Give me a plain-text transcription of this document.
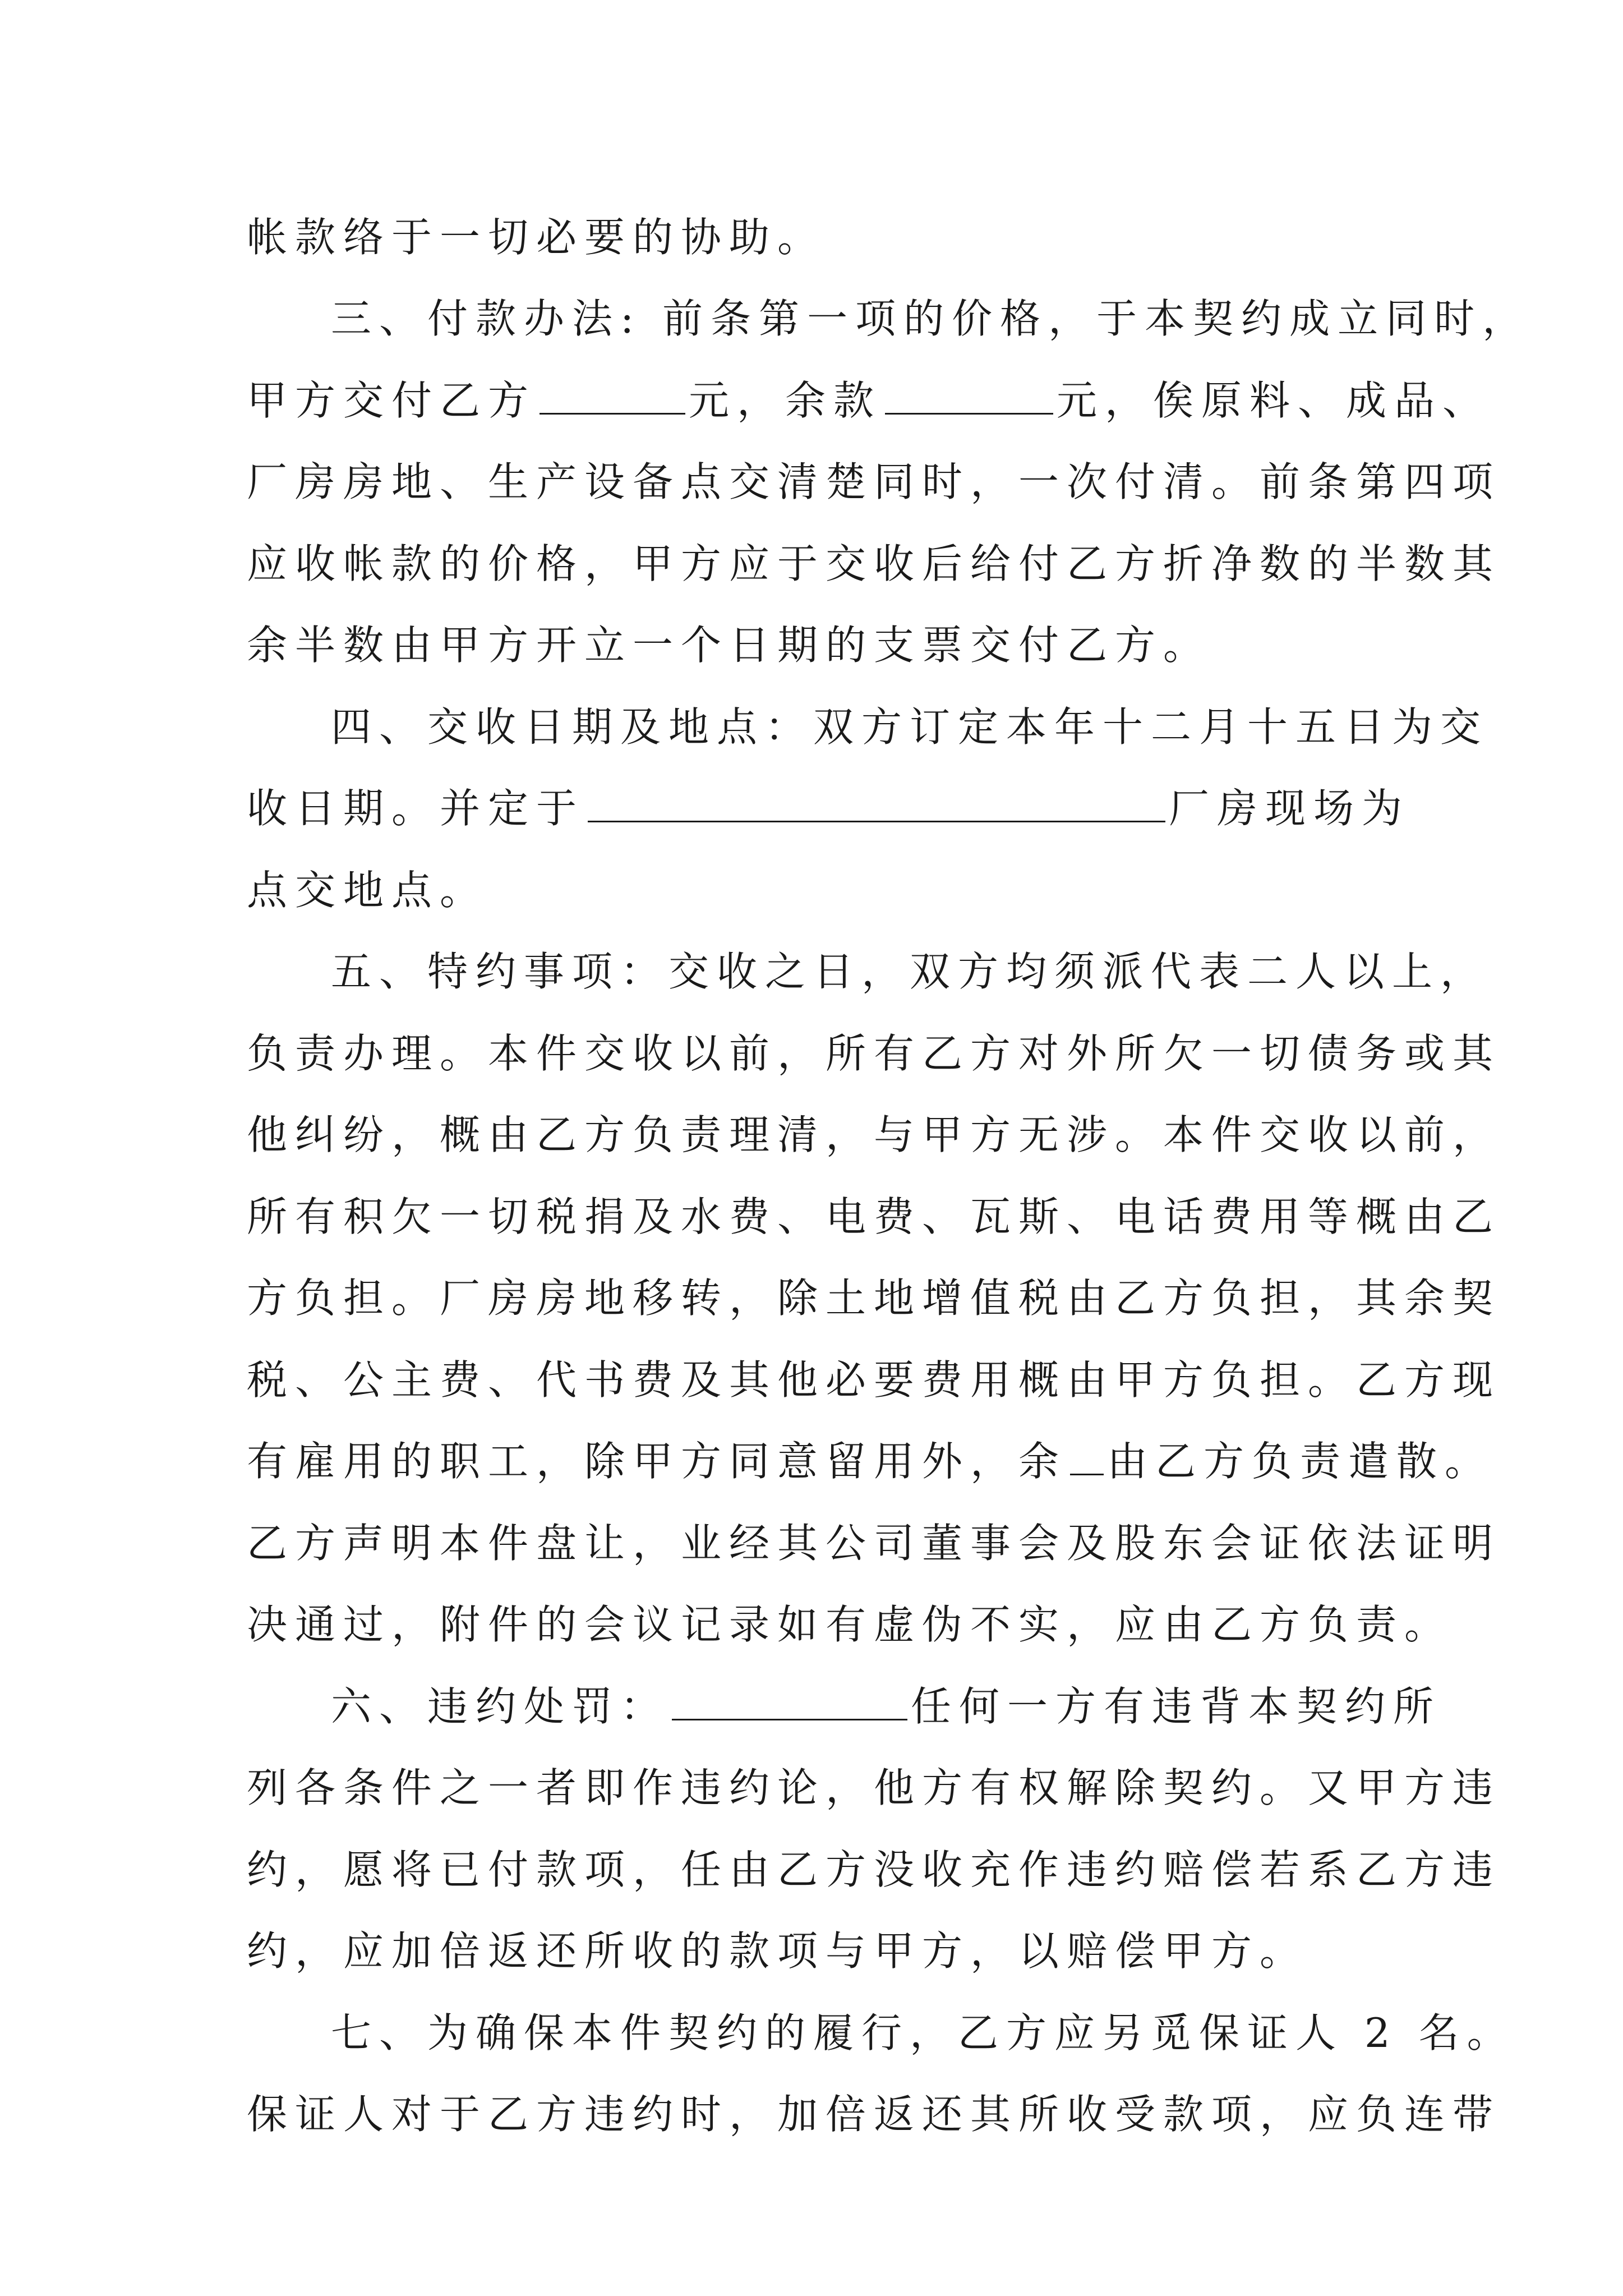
帐款络于一切必要的协助。
三、付款办法: 前条第一项的价格，于本契约成立同时，
甲方交付乙方	元，余款	元，俟原料、成品、
厂房房地、生产设备点交清楚同时，一次付清。前条第四项
应收帐款的价格，甲方应于交收后给付乙方折净数的半数其
余半数由甲方开立一个日期的支票交付乙方。
四、交收日期及地点：双方订定本年十二月十五日为交
收日期。并定于	厂房现场为
点交地点。
五、特约事项：交收之日，双方均须派代表二人以上，
负责办理。本件交收以前，所有乙方对外所欠一切债务或其
他纠纷，概由乙方负责理清，与甲方无涉。本件交收以前，
所有积欠一切税捐及水费、电费、瓦斯、电话费用等概由乙
方负担。厂房房地移转，除土地增值税由乙方负担，其余契
税、公主费、代书费及其他必要费用概由甲方负担。乙方现
有雇用的职工，除甲方同意留用外，余 由乙方负责遣散。
乙方声明本件盘让，业经其公司董事会及股东会证依法证明
决通过，附件的会议记录如有虚伪不实，应由乙方负责。
六、违约处罚：	任何一方有违背本契约所
列各条件之一者即作违约论，他方有权解除契约。又甲方违
约，愿将已付款项，任由乙方没收充作违约赔偿若系乙方违
约，应加倍返还所收的款项与甲方，以赔偿甲方。
七、为确保本件契约的履行，乙方应另觅保证人 2 名。
保证人对于乙方违约时，加倍返还其所收受款项，应负连带
